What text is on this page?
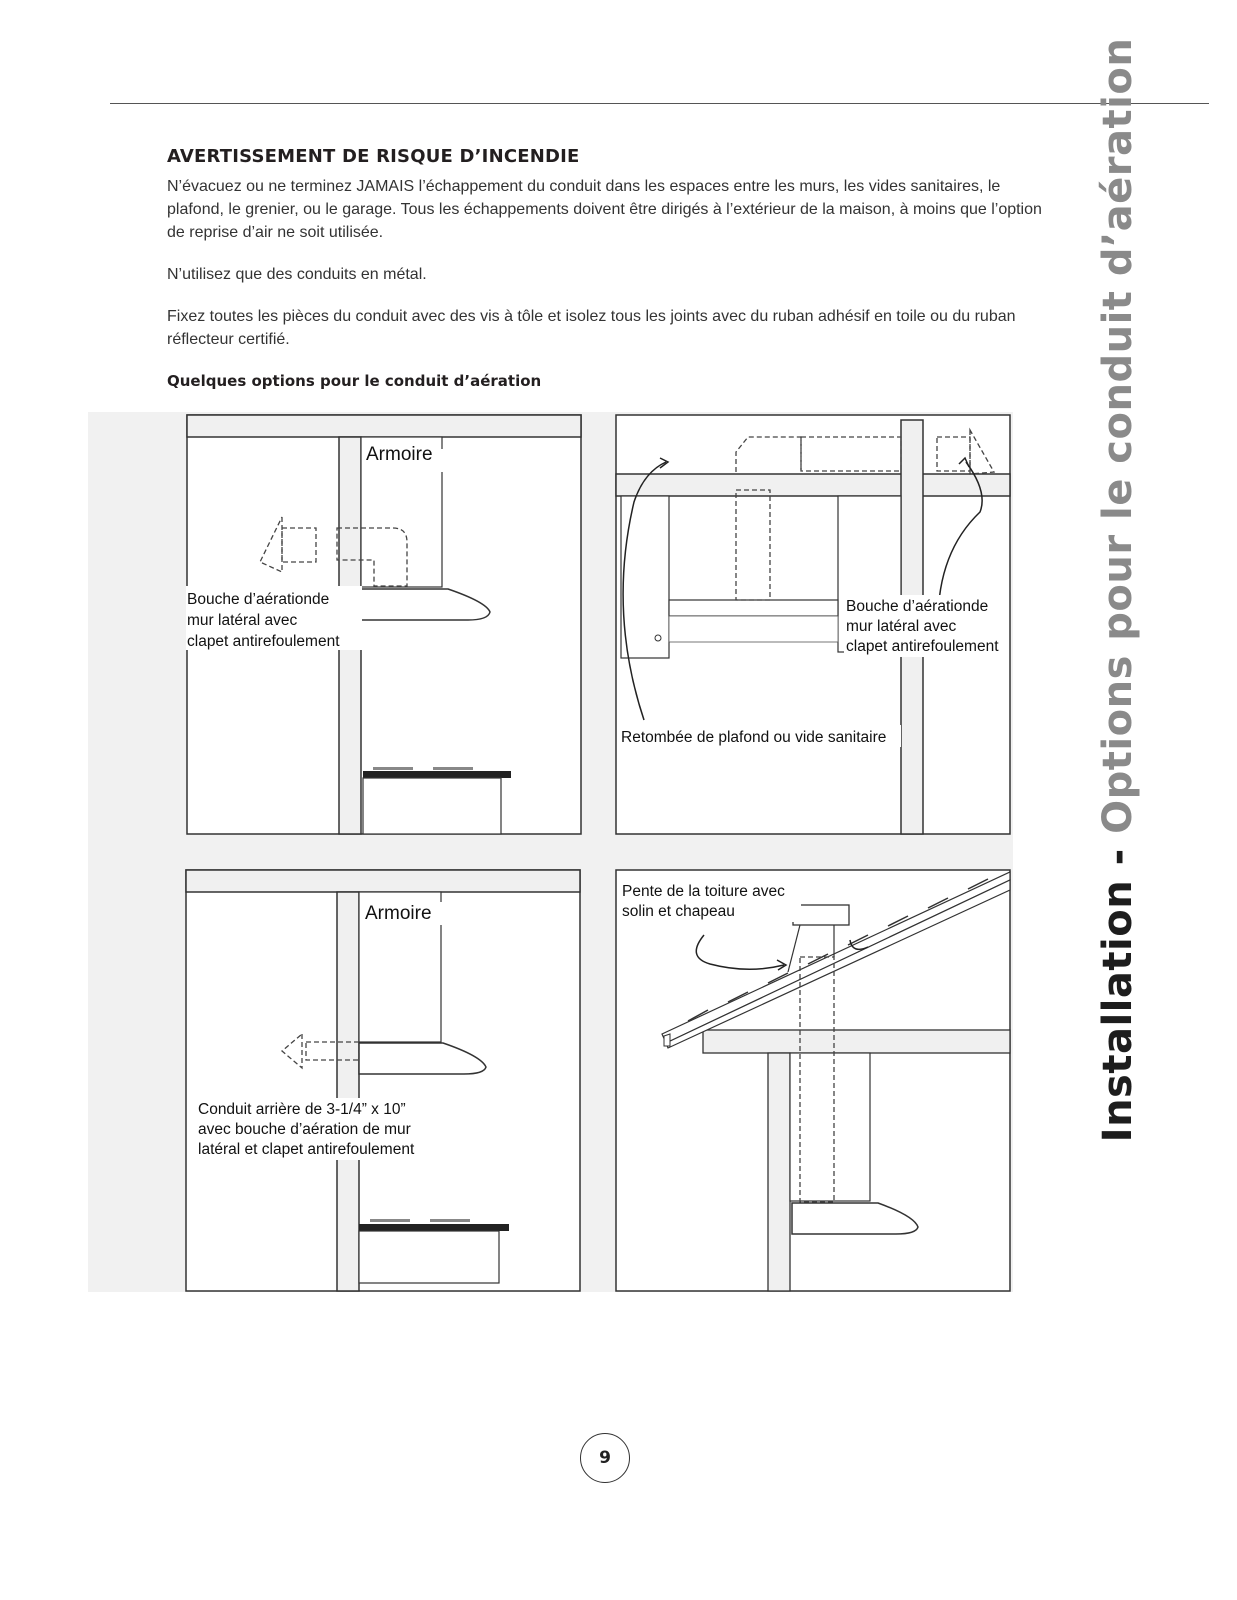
Installation - Options pour le conduit d’aération
AVERTISSEMENT DE RISQUE D’INCENDIE

N’évacuez ou ne terminez JAMAIS l’échappement du conduit dans les espaces entre les murs, les vides sanitaires, le plafond, le grenier, ou le garage. Tous les échappements doivent être dirigés à l’extérieur de la maison, à moins que l’option de reprise d’air ne soit utilisée.

N’utilisez que des conduits en métal.

Fixez toutes les pièces du conduit avec des vis à tôle et isolez tous les joints avec du ruban adhésif en toile ou du ruban réflecteur certifié.

Quelques options pour le conduit d’aération
Armoire
Bouche d’aérationde
mur latéral avec
clapet antirefoulement
Bouche d’aérationde
mur latéral avec
clapet antirefoulement
Retombée de plafond ou vide sanitaire
Armoire
Conduit arrière de 3-1/4” x 10”
avec bouche d’aération de mur
latéral et clapet antirefoulement
Pente de la toiture avec
solin et chapeau
9
